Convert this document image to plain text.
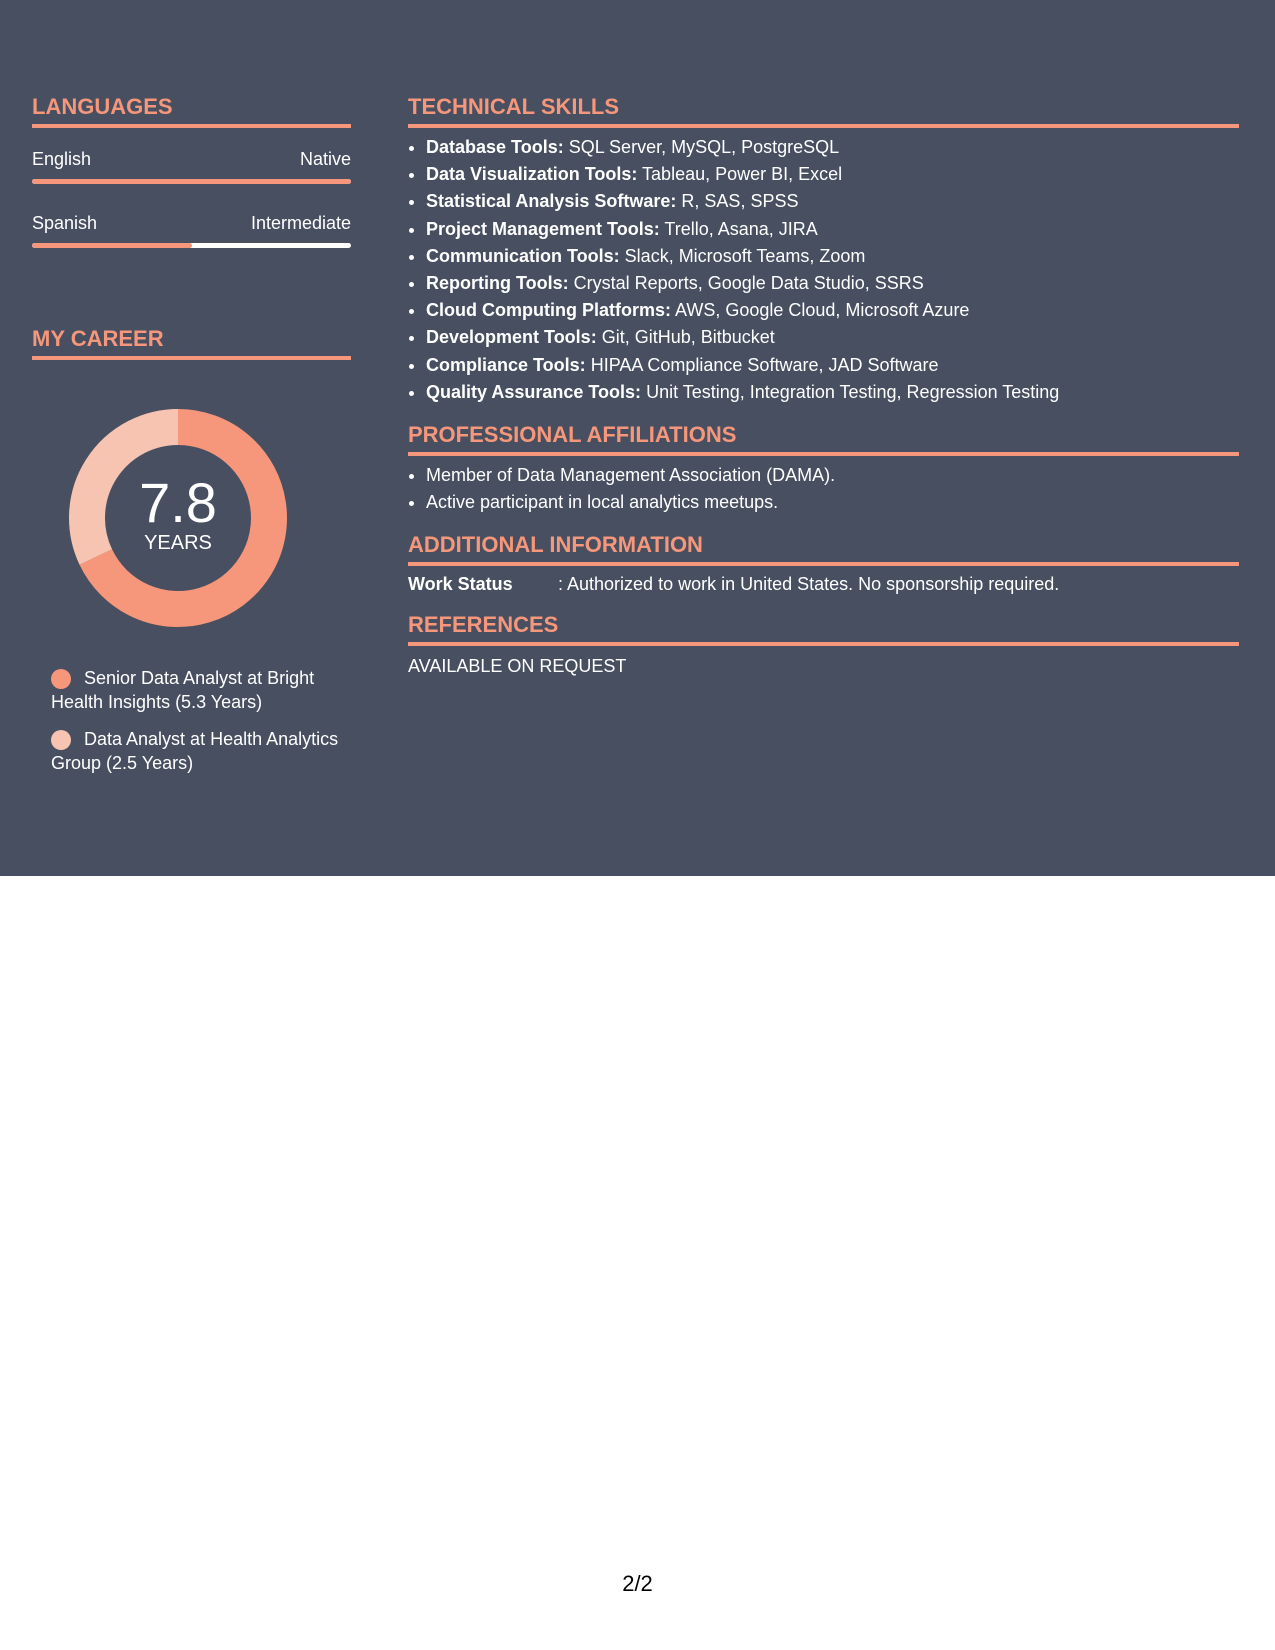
LANGUAGES
English	Native
Spanish	Intermediate
MY CAREER
7.8
YEARS
Senior Data Analyst at Bright Health Insights (5.3 Years)
Data Analyst at Health Analytics Group (2.5 Years)
TECHNICAL SKILLS
• Database Tools: SQL Server, MySQL, PostgreSQL
• Data Visualization Tools: Tableau, Power BI, Excel
• Statistical Analysis Software: R, SAS, SPSS
• Project Management Tools: Trello, Asana, JIRA
• Communication Tools: Slack, Microsoft Teams, Zoom
• Reporting Tools: Crystal Reports, Google Data Studio, SSRS
• Cloud Computing Platforms: AWS, Google Cloud, Microsoft Azure
• Development Tools: Git, GitHub, Bitbucket
• Compliance Tools: HIPAA Compliance Software, JAD Software
• Quality Assurance Tools: Unit Testing, Integration Testing, Regression Testing
PROFESSIONAL AFFILIATIONS
• Member of Data Management Association (DAMA).
• Active participant in local analytics meetups.
ADDITIONAL INFORMATION
Work Status	: Authorized to work in United States. No sponsorship required.
REFERENCES
AVAILABLE ON REQUEST
2/2
